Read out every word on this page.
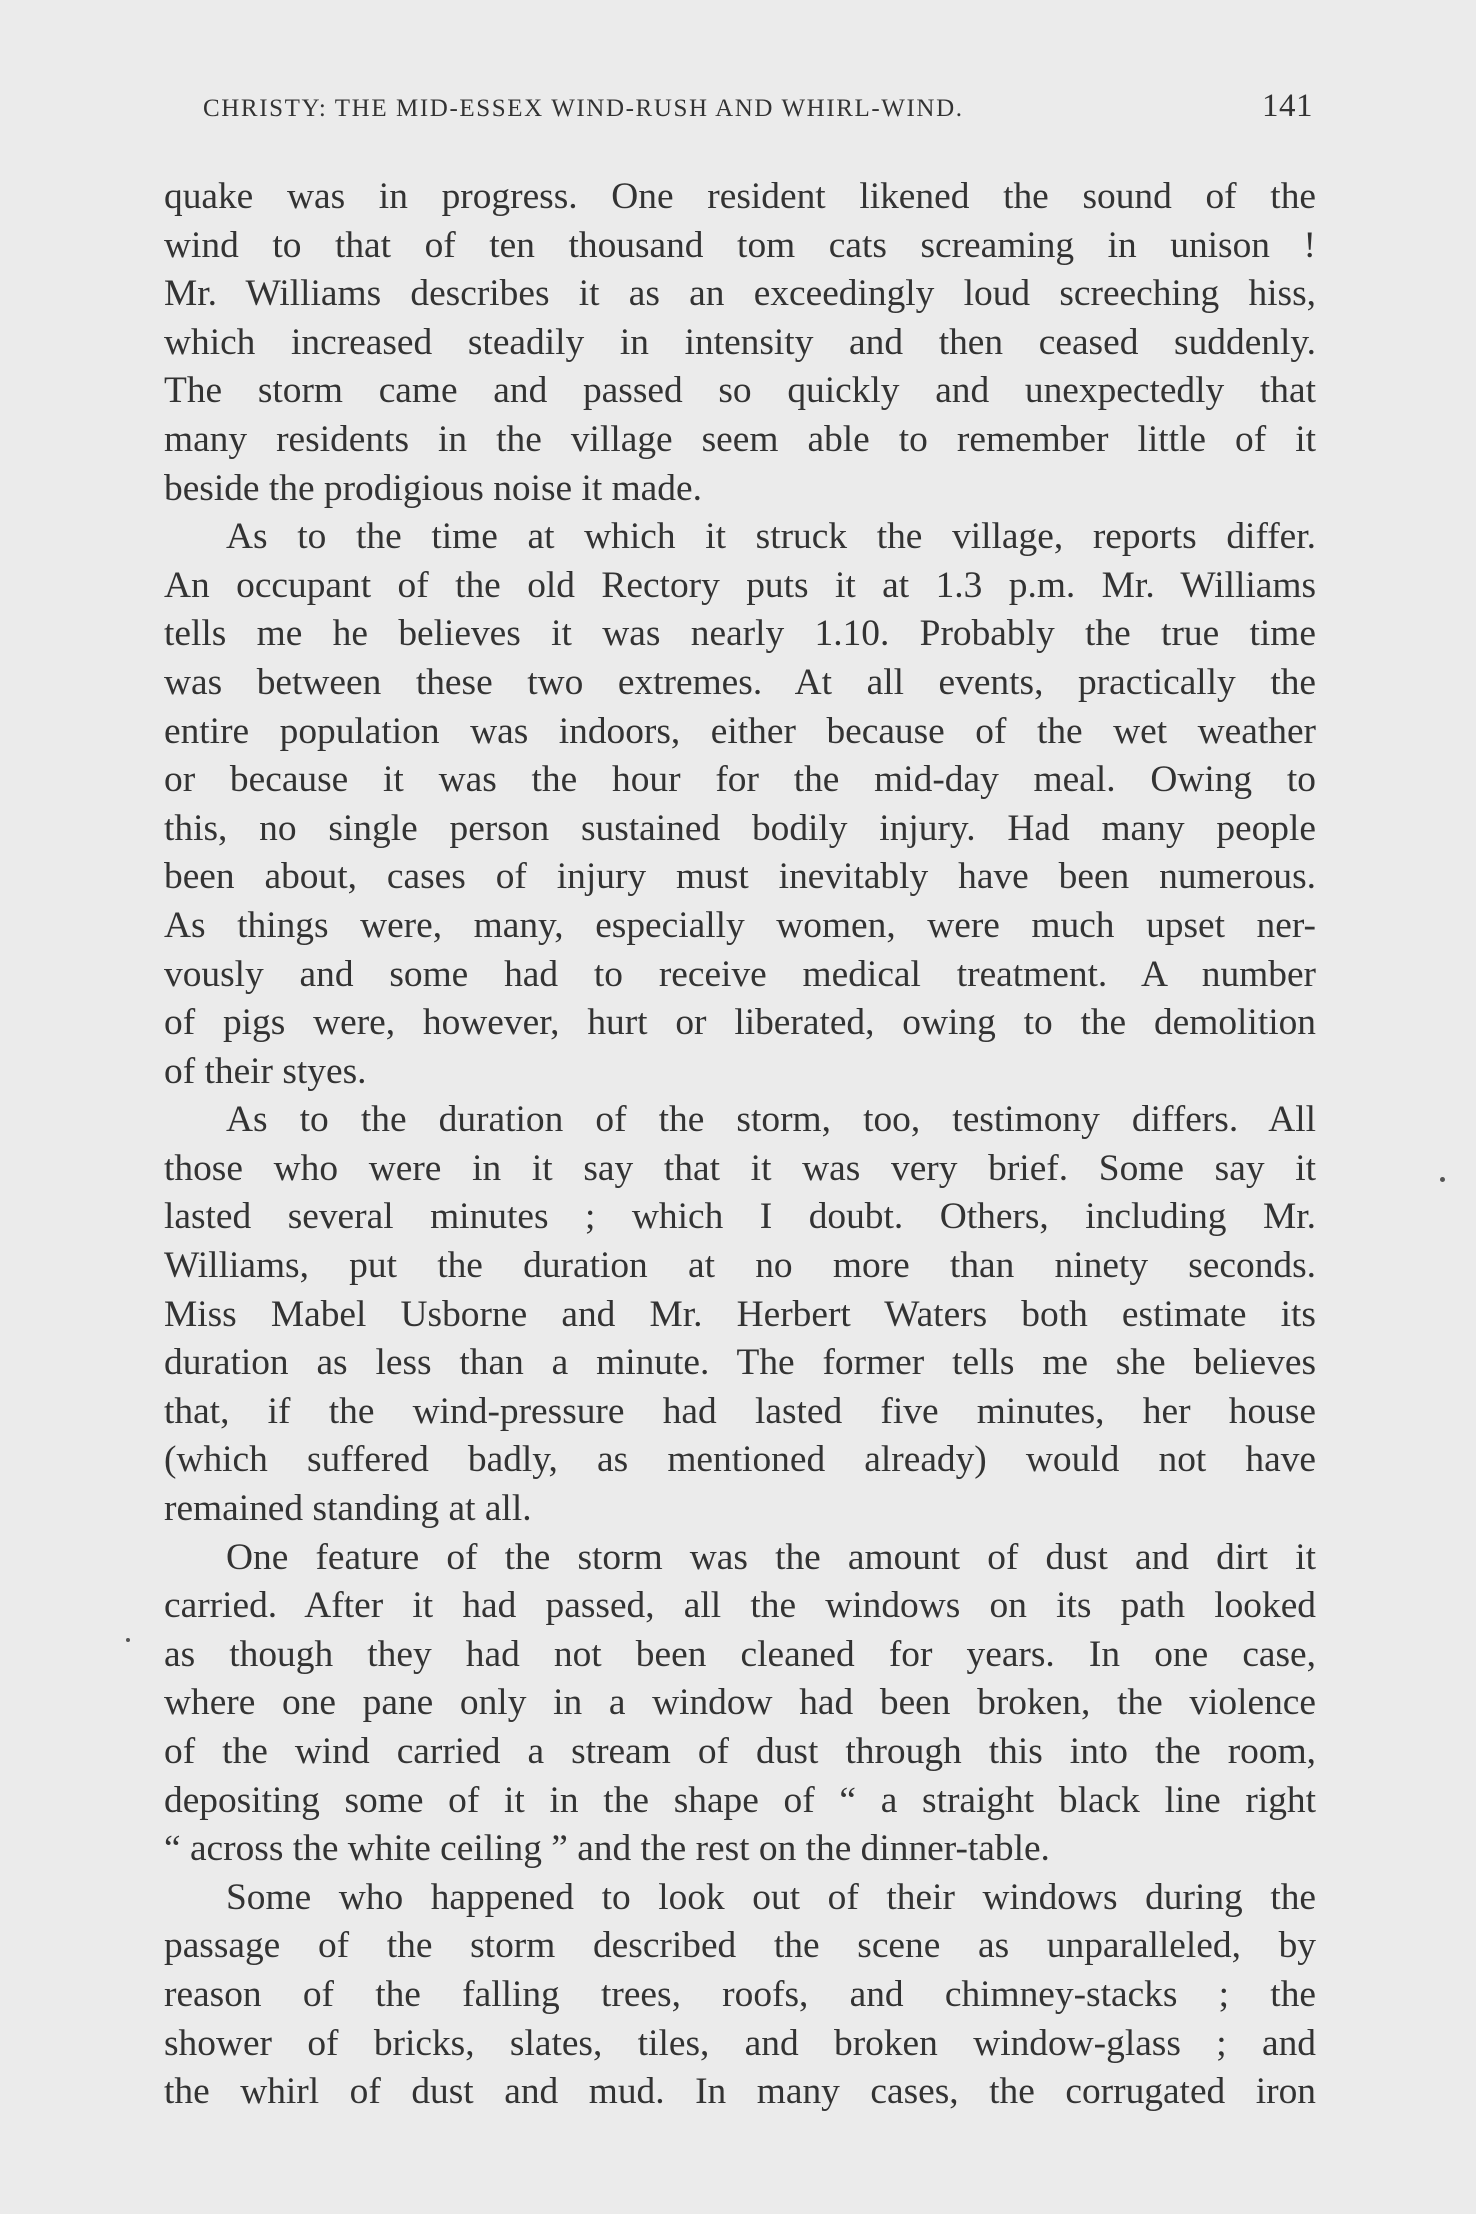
CHRISTY: THE MID-ESSEX WIND-RUSH AND WHIRL-WIND.	141
quake was in progress. One resident likened the sound of the
wind to that of ten thousand tom cats screaming in unison !
Mr. Williams describes it as an exceedingly loud screeching hiss,
which increased steadily in intensity and then ceased suddenly.
The storm came and passed so quickly and unexpectedly that
many residents in the village seem able to remember little of it
beside the prodigious noise it made.
As to the time at which it struck the village, reports differ.
An occupant of the old Rectory puts it at 1.3 p.m. Mr. Williams
tells me he believes it was nearly 1.10. Probably the true time
was between these two extremes. At all events, practically the
entire population was indoors, either because of the wet weather
or because it was the hour for the mid-day meal. Owing to
this, no single person sustained bodily injury. Had many people
been about, cases of injury must inevitably have been numerous.
As things were, many, especially women, were much upset ner-
vously and some had to receive medical treatment. A number
of pigs were, however, hurt or liberated, owing to the demolition
of their styes.
As to the duration of the storm, too, testimony differs. All
those who were in it say that it was very brief. Some say it
lasted several minutes ; which I doubt. Others, including Mr.
Williams, put the duration at no more than ninety seconds.
Miss Mabel Usborne and Mr. Herbert Waters both estimate its
duration as less than a minute. The former tells me she believes
that, if the wind-pressure had lasted five minutes, her house
(which suffered badly, as mentioned already) would not have
remained standing at all.
One feature of the storm was the amount of dust and dirt it
carried. After it had passed, all the windows on its path looked
as though they had not been cleaned for years. In one case,
where one pane only in a window had been broken, the violence
of the wind carried a stream of dust through this into the room,
depositing some of it in the shape of “ a straight black line right
“ across the white ceiling ” and the rest on the dinner-table.
Some who happened to look out of their windows during the
passage of the storm described the scene as unparalleled, by
reason of the falling trees, roofs, and chimney-stacks ; the
shower of bricks, slates, tiles, and broken window-glass ; and
the whirl of dust and mud. In many cases, the corrugated iron
